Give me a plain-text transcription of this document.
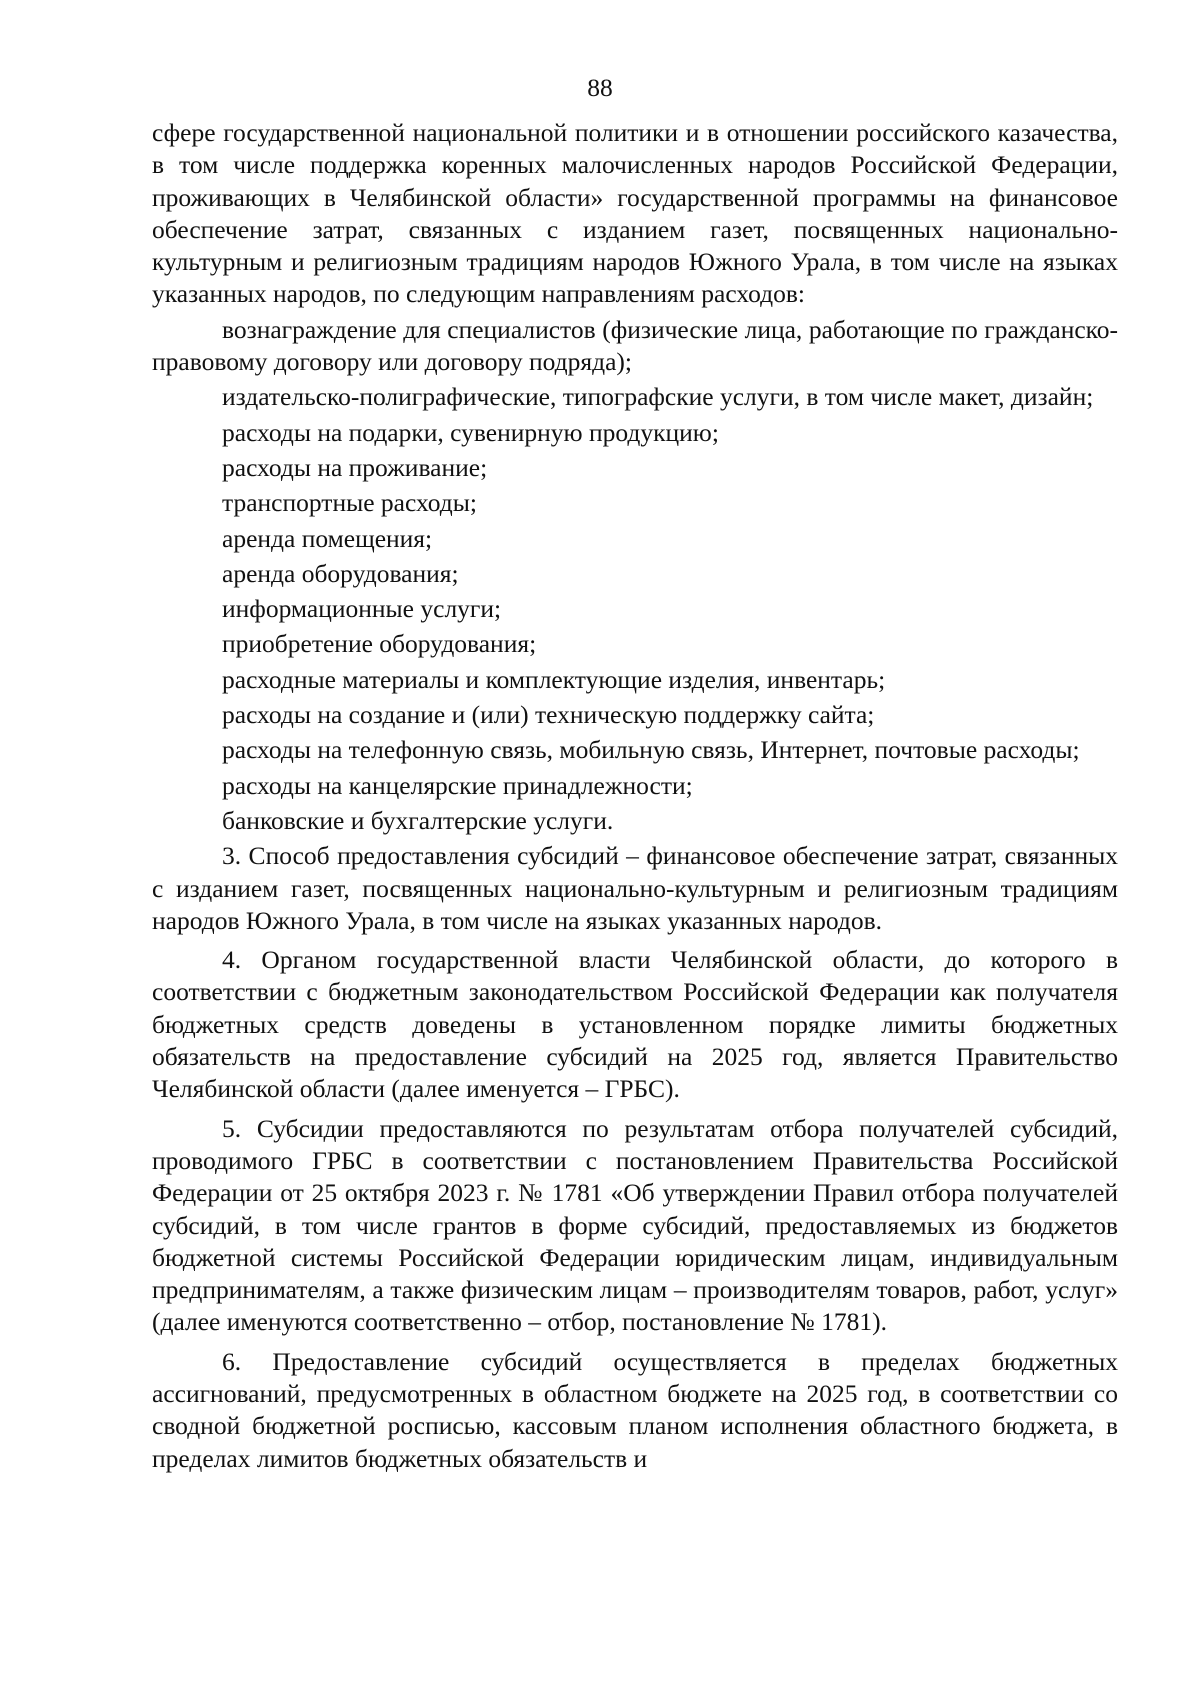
88

сфере государственной национальной политики и в отношении российского казачества, в том числе поддержка коренных малочисленных народов Российской Федерации, проживающих в Челябинской области» государственной программы на финансовое обеспечение затрат, связанных с изданием газет, посвященных национально-культурным и религиозным традициям народов Южного Урала, в том числе на языках указанных народов, по следующим направлениям расходов:

вознаграждение для специалистов (физические лица, работающие по гражданско-правовому договору или договору подряда);

издательско-полиграфические, типографские услуги, в том числе макет, дизайн;

расходы на подарки, сувенирную продукцию;

расходы на проживание;

транспортные расходы;

аренда помещения;

аренда оборудования;

информационные услуги;

приобретение оборудования;

расходные материалы и комплектующие изделия, инвентарь;

расходы на создание и (или) техническую поддержку сайта;

расходы на телефонную связь, мобильную связь, Интернет, почтовые расходы;

расходы на канцелярские принадлежности;

банковские и бухгалтерские услуги.

3. Способ предоставления субсидий – финансовое обеспечение затрат, связанных с изданием газет, посвященных национально-культурным и религиозным традициям народов Южного Урала, в том числе на языках указанных народов.

4. Органом государственной власти Челябинской области, до которого в соответствии с бюджетным законодательством Российской Федерации как получателя бюджетных средств доведены в установленном порядке лимиты бюджетных обязательств на предоставление субсидий на 2025 год, является Правительство Челябинской области (далее именуется – ГРБС).

5. Субсидии предоставляются по результатам отбора получателей субсидий, проводимого ГРБС в соответствии с постановлением Правительства Российской Федерации от 25 октября 2023 г. № 1781 «Об утверждении Правил отбора получателей субсидий, в том числе грантов в форме субсидий, предоставляемых из бюджетов бюджетной системы Российской Федерации юридическим лицам, индивидуальным предпринимателям, а также физическим лицам – производителям товаров, работ, услуг» (далее именуются соответственно – отбор, постановление № 1781).

6. Предоставление субсидий осуществляется в пределах бюджетных ассигнований, предусмотренных в областном бюджете на 2025 год, в соответствии со сводной бюджетной росписью, кассовым планом исполнения областного бюджета, в пределах лимитов бюджетных обязательств и
